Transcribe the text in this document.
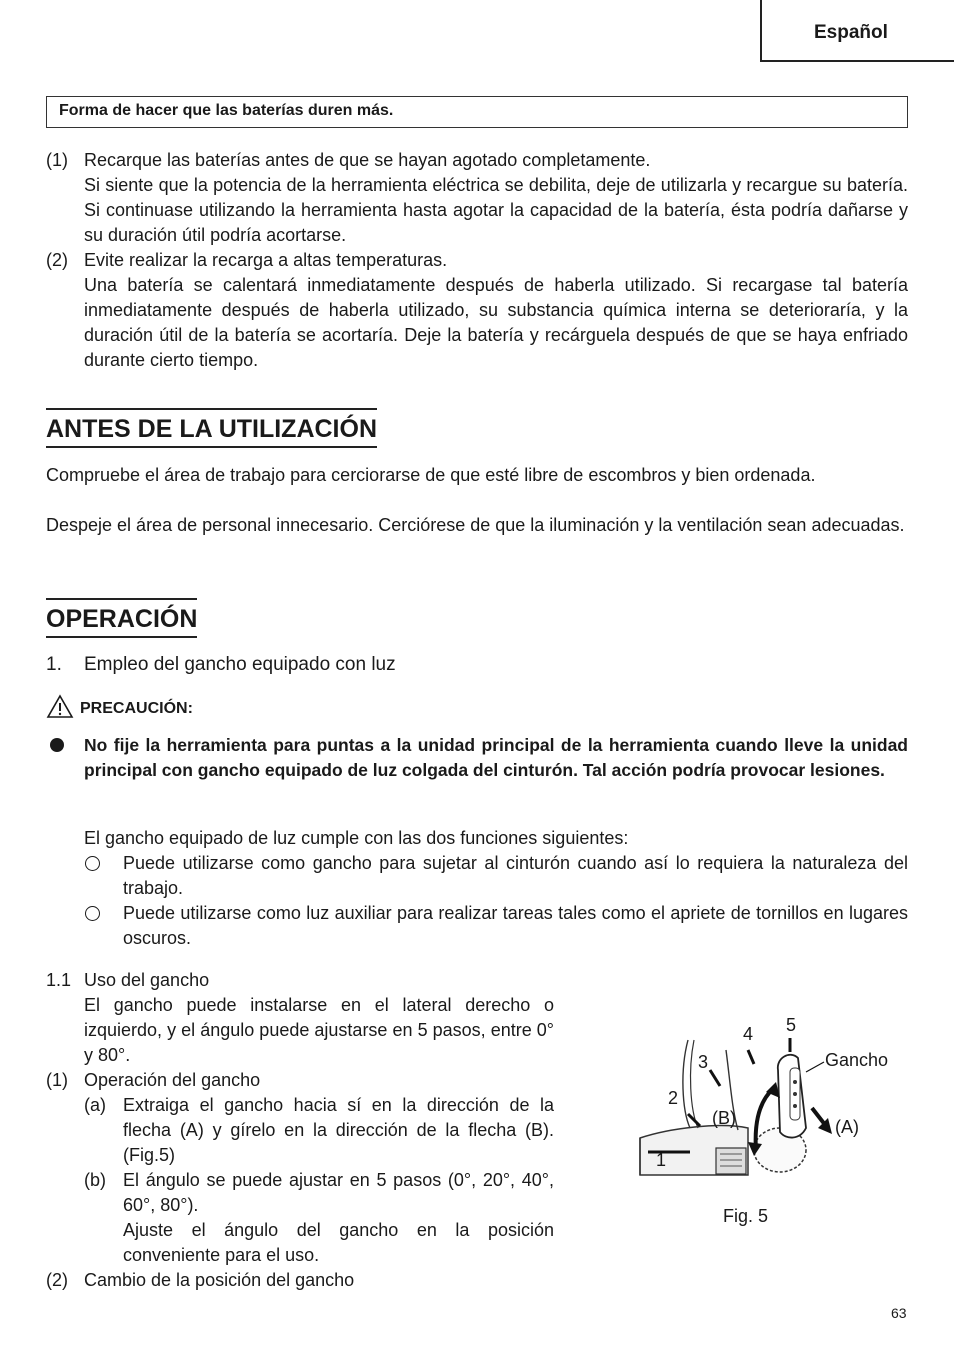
Español
Forma de hacer que las baterías duren más.
(1) Recarque las baterías antes de que se hayan agotado completamente.
Si siente que la potencia de la herramienta eléctrica se debilita, deje de utilizarla y recargue su batería. Si continuase utilizando la herramienta hasta agotar la capacidad de la batería, ésta podría dañarse y su duración útil podría acortarse.
(2) Evite realizar la recarga a altas temperaturas.
Una batería se calentará inmediatamente después de haberla utilizado. Si recargase tal batería inmediatamente después de haberla utilizado, su substancia química interna se deterioraría, y la duración útil de la batería se acortaría. Deje la batería y recárguela después de que se haya enfriado durante cierto tiempo.
ANTES DE LA UTILIZACIÓN
Compruebe el área de trabajo para cerciorarse de que esté libre de escombros y bien ordenada.
Despeje el área de personal innecesario. Cerciórese de que la iluminación y la ventilación sean adecuadas.
OPERACIÓN
1. Empleo del gancho equipado con luz
PRECAUCIÓN:
No fije la herramienta para puntas a la unidad principal de la herramienta cuando lleve la unidad principal con gancho equipado de luz colgada del cinturón. Tal acción podría provocar lesiones.
El gancho equipado de luz cumple con las dos funciones siguientes:
Puede utilizarse como gancho para sujetar al cinturón cuando así lo requiera la naturaleza del trabajo.
Puede utilizarse como luz auxiliar para realizar tareas tales como el apriete de tornillos en lugares oscuros.
1.1 Uso del gancho
El gancho puede instalarse en el lateral derecho o izquierdo, y el ángulo puede ajustarse en 5 pasos, entre 0° y 80°.
(1) Operación del gancho
(a) Extraiga el gancho hacia sí en la dirección de la flecha (A) y gírelo en la dirección de la flecha (B). (Fig.5)
(b) El ángulo se puede ajustar en 5 pasos (0°, 20°, 40°, 60°, 80°).
Ajuste el ángulo del gancho en la posición conveniente para el uso.
(2) Cambio de la posición del gancho
1
2
3
4 5
Gancho
(A)
(B)
Fig. 5
63
